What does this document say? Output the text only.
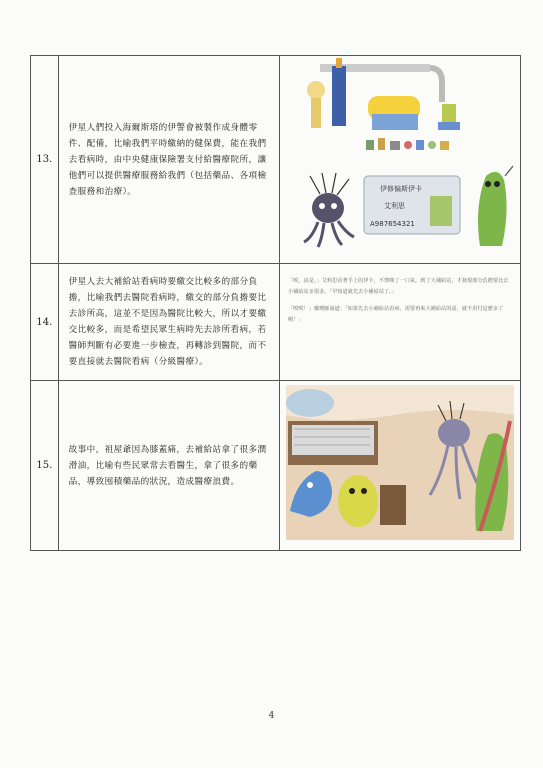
13.	伊星人們投入海爾斯塔的伊警會被製作成身體零件、配備，比喻我們平時繳納的健保費，能在我們去看病時，由中央健康保險署支付給醫療院所，讓他們可以提供醫療服務給我們（包括藥品、各項檢查服務和治療）。	伊修偏斯伊卡
艾利思
A987654321

14.	伊星人去大補給站看病時要繳交比較多的部分負擔，比喻我們去醫院看病時，繳交的部分負擔要比去診所高，這並不是因為醫院比較大，所以才要繳交比較多，而是希望民眾生病時先去診所看病，若醫師判斷有必要進一步檢查，再轉診到醫院，而不要直接就去醫院看病（分級醫療）。	「唉，真是。」艾莉思看著手上的伊卡，不禁嘆了一口氣。到了大補給站，才發現部分負擔要比去小補給站多很多。「早知道就先去小補給站了。」

「唉唉！」藥劑師說道：「如果先去小補給站看病，需要再來大補給站的話，就不用付這麼多了喔！」

15.	故事中，祖屋爺因為膝蓋痛，去補給站拿了很多潤滑油，比喻有些民眾常去看醫生，拿了很多的藥品，導致囤積藥品的狀況，造成醫療浪費。	
4
